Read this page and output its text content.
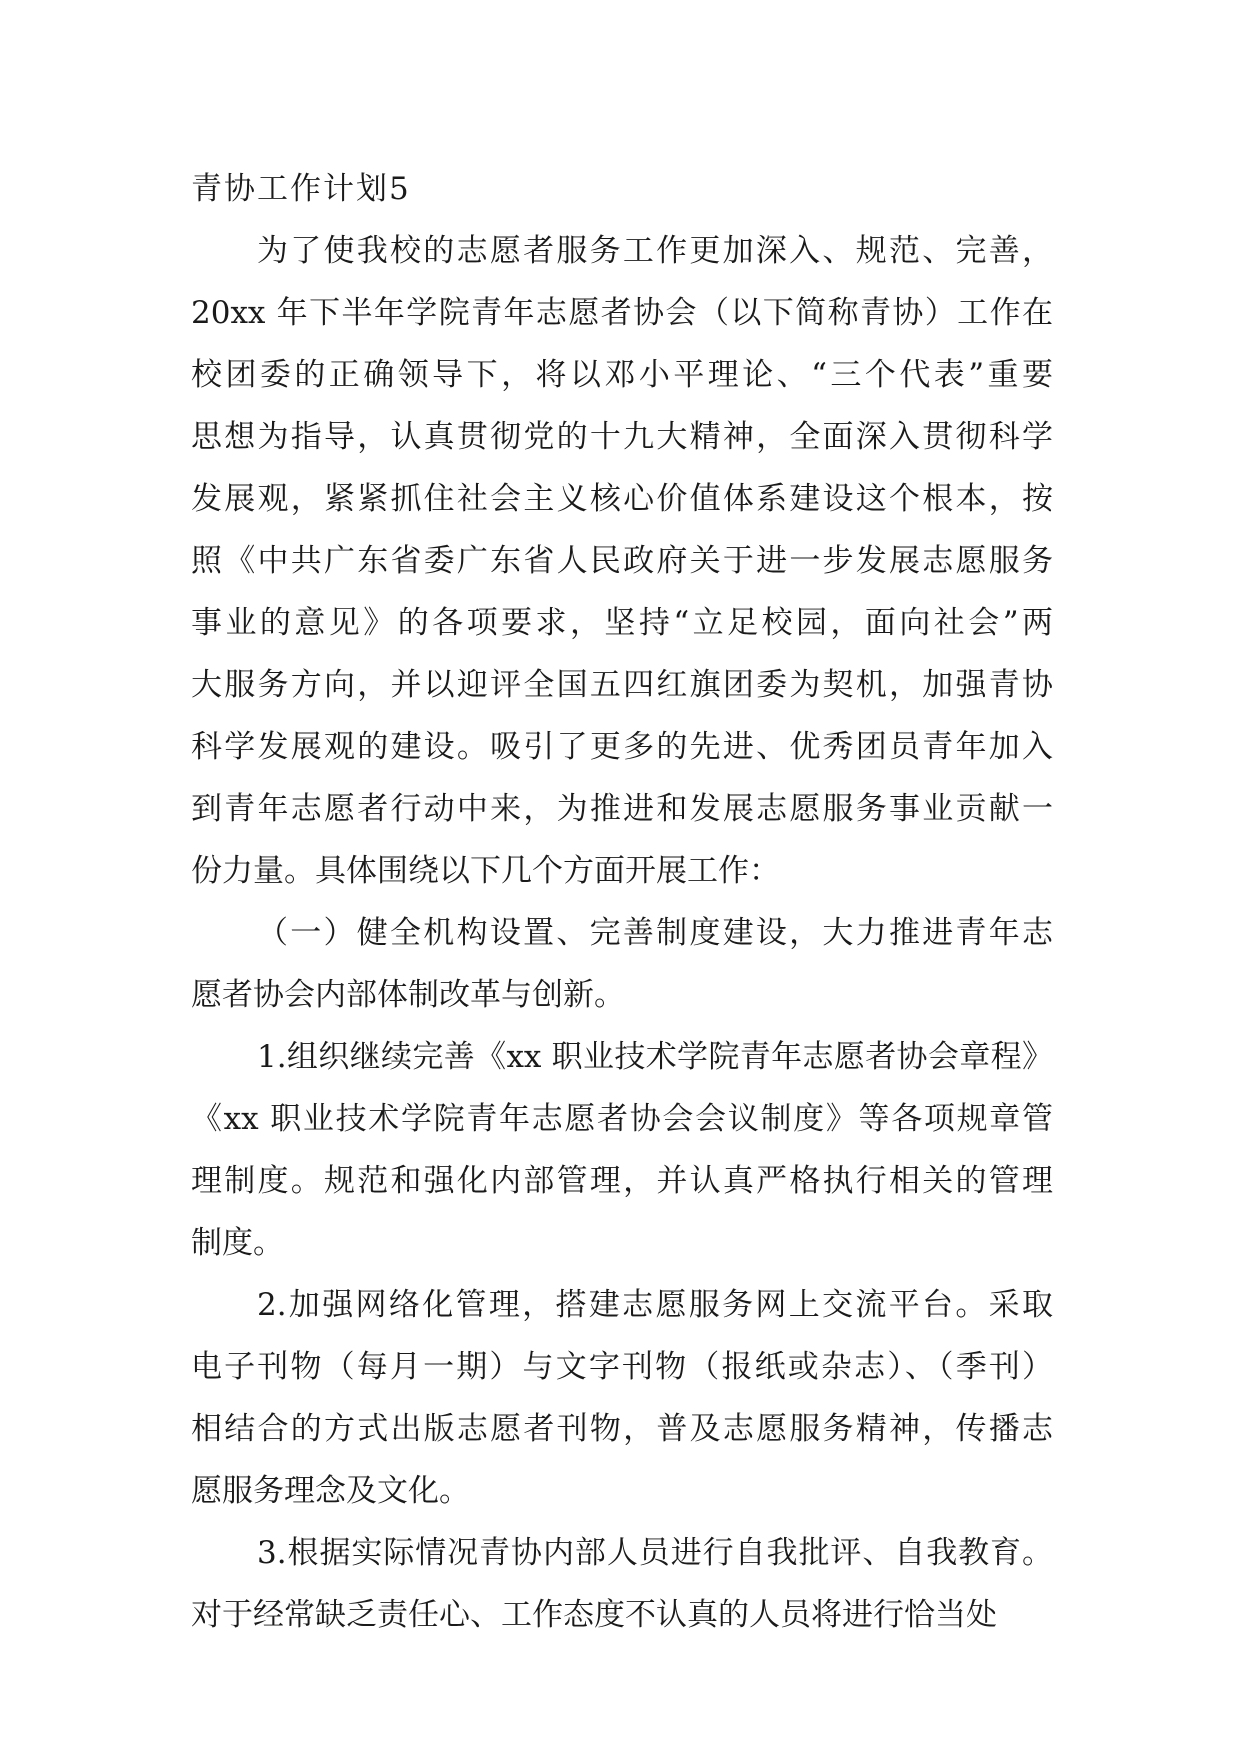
青协工作计划5
为了使我校的志愿者服务工作更加深入、规范、完善，
20xx 年下半年学院青年志愿者协会（以下简称青协）工作在
校团委的正确领导下，将以邓小平理论、“三个代表”重要
思想为指导，认真贯彻党的十九大精神，全面深入贯彻科学
发展观，紧紧抓住社会主义核心价值体系建设这个根本，按
照《中共广东省委广东省人民政府关于进一步发展志愿服务
事业的意见》的各项要求，坚持“立足校园，面向社会”两
大服务方向，并以迎评全国五四红旗团委为契机，加强青协
科学发展观的建设。吸引了更多的先进、优秀团员青年加入
到青年志愿者行动中来，为推进和发展志愿服务事业贡献一
份力量。具体围绕以下几个方面开展工作：
（一）健全机构设置、完善制度建设，大力推进青年志
愿者协会内部体制改革与创新。
1.组织继续完善《xx 职业技术学院青年志愿者协会章程》
《xx 职业技术学院青年志愿者协会会议制度》等各项规章管
理制度。规范和强化内部管理，并认真严格执行相关的管理
制度。
2.加强网络化管理，搭建志愿服务网上交流平台。采取
电子刊物（每月一期）与文字刊物（报纸或杂志）、（季刊）
相结合的方式出版志愿者刊物，普及志愿服务精神，传播志
愿服务理念及文化。
3.根据实际情况青协内部人员进行自我批评、自我教育。
对于经常缺乏责任心、工作态度不认真的人员将进行恰当处
